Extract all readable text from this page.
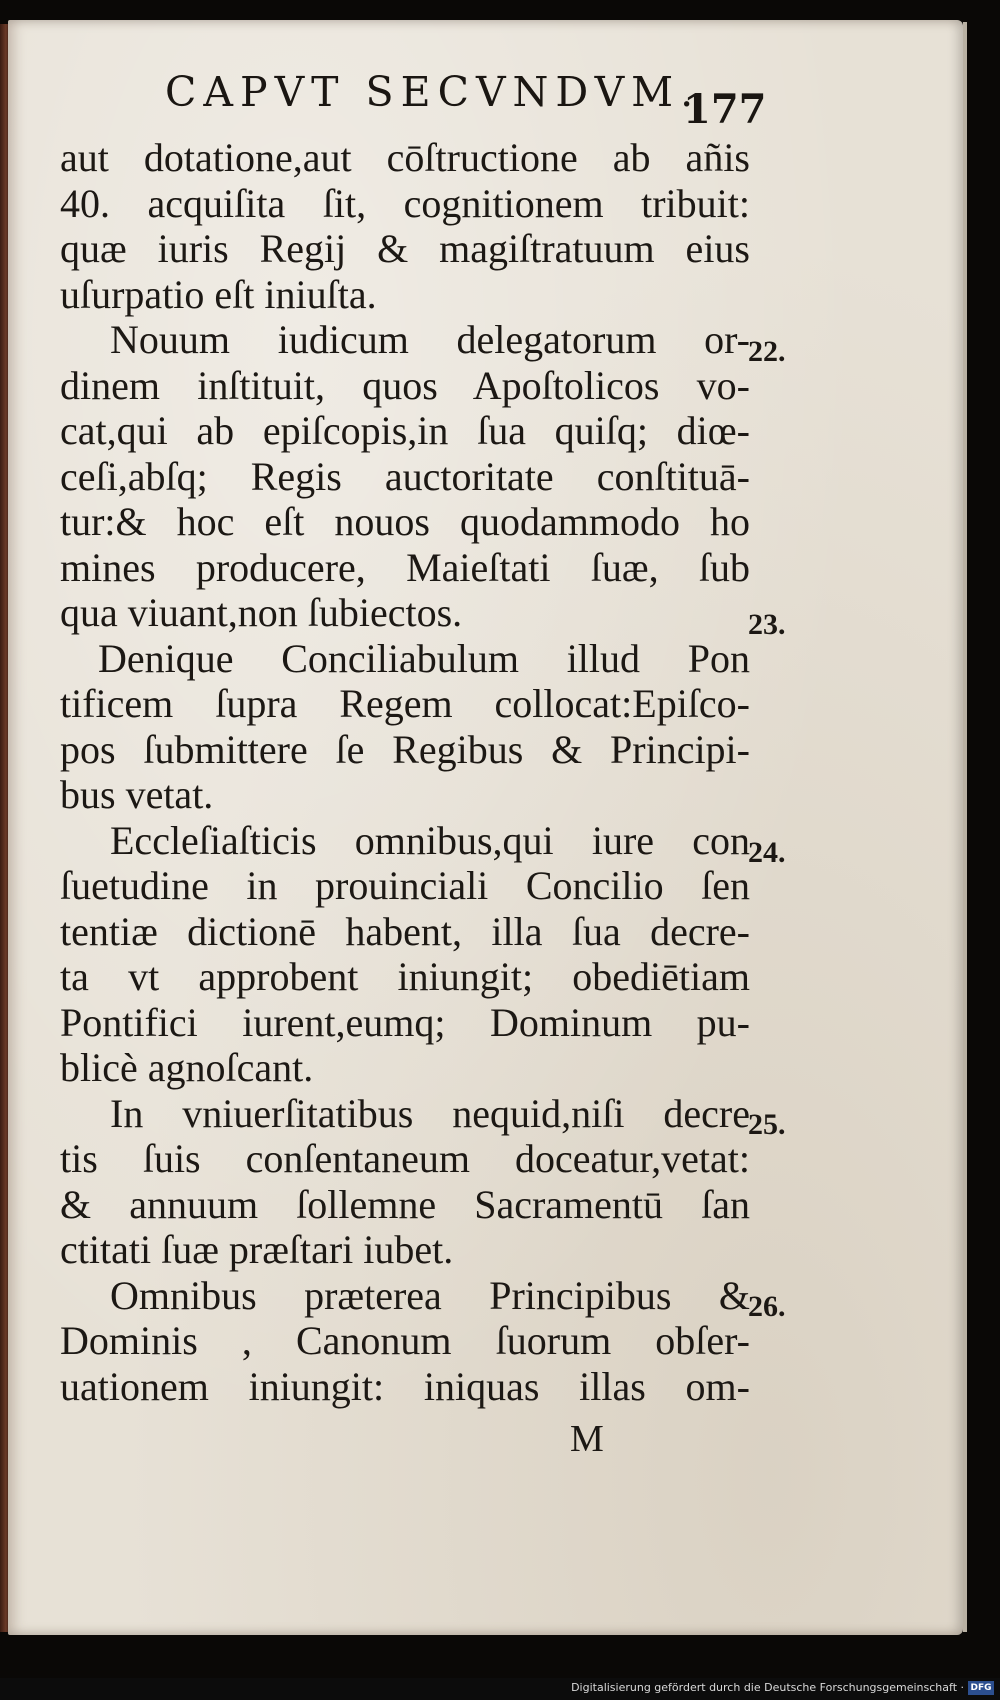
CAPVT SECVNDVM.
177
aut dotatione,aut cōſtructione ab añis
40. acquiſita ſit, cognitionem tribuit:
quæ iuris Regij & magiſtratuum eius
uſurpatio eſt iniuſta.
Nouum iudicum delegatorum or-
dinem inſtituit, quos Apoſtolicos vo-
cat,qui ab epiſcopis,in ſua quiſq; diœ-
ceſi,abſq; Regis auctoritate conſtituā-
tur:& hoc eſt nouos quodammodo ho
mines producere, Maieſtati ſuæ, ſub
qua viuant,non ſubiectos.
Denique Conciliabulum illud Pon
tificem ſupra Regem collocat:Epiſco-
pos ſubmittere ſe Regibus & Principi-
bus vetat.
Eccleſiaſticis omnibus,qui iure con
ſuetudine in prouinciali Concilio ſen
tentiæ dictionē habent, illa ſua decre-
ta vt approbent iniungit; obediētiam
Pontifici iurent,eumq; Dominum pu-
blicè agnoſcant.
In vniuerſitatibus nequid,niſi decre
tis ſuis conſentaneum doceatur,vetat:
& annuum ſollemne Sacramentū ſan
ctitati ſuæ præſtari iubet.
Omnibus præterea Principibus &
Dominis , Canonum ſuorum obſer-
uationem iniungit: iniquas illas om-
22.
23.
24.
25.
26.
M
Digitalisierung gefördert durch die Deutsche Forschungsgemeinschaft · DFG
